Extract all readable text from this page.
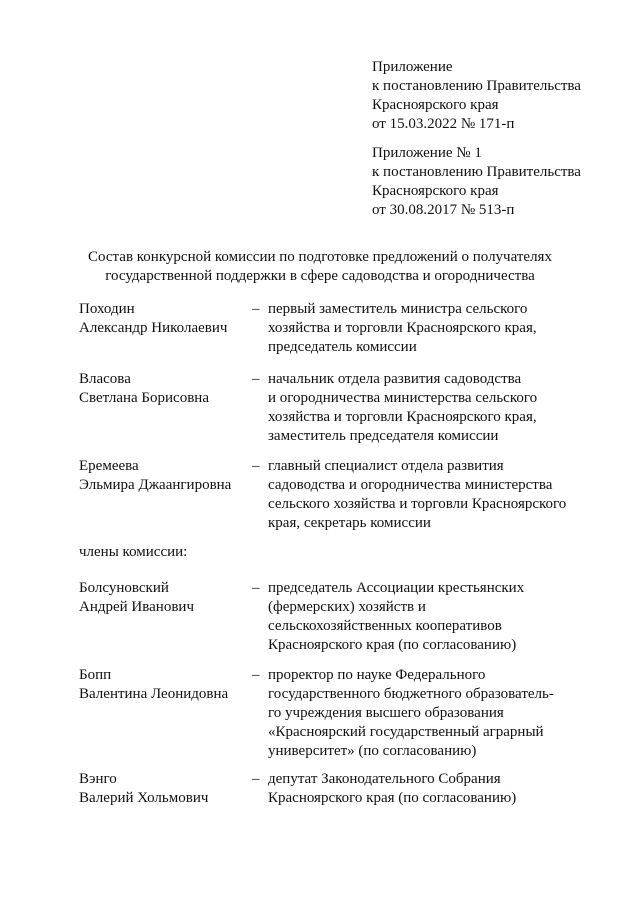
Приложение
к постановлению Правительства
Красноярского края
от 15.03.2022 № 171-п
Приложение № 1
к постановлению Правительства
Красноярского края
от 30.08.2017 № 513-п
Состав конкурсной комиссии по подготовке предложений о получателях
государственной поддержки в сфере садоводства и огородничества
Походин
Александр Николаевич
– первый заместитель министра сельского
хозяйства и торговли Красноярского края,
председатель комиссии
Власова
Светлана Борисовна
– начальник отдела развития садоводства
и огородничества министерства сельского
хозяйства и торговли Красноярского края,
заместитель председателя комиссии
Еремеева
Эльмира Джаангировна
– главный специалист отдела развития
садоводства и огородничества министерства
сельского хозяйства и торговли Красноярского
края, секретарь комиссии
члены комиссии:
Болсуновский
Андрей Иванович
– председатель Ассоциации крестьянских
(фермерских) хозяйств и
сельскохозяйственных кооперативов
Красноярского края (по согласованию)
Бопп
Валентина Леонидовна
– проректор по науке Федерального
государственного бюджетного образователь-
го учреждения высшего образования
«Красноярский государственный аграрный
университет» (по согласованию)
Вэнго
Валерий Хольмович
– депутат Законодательного Собрания
Красноярского края (по согласованию)
